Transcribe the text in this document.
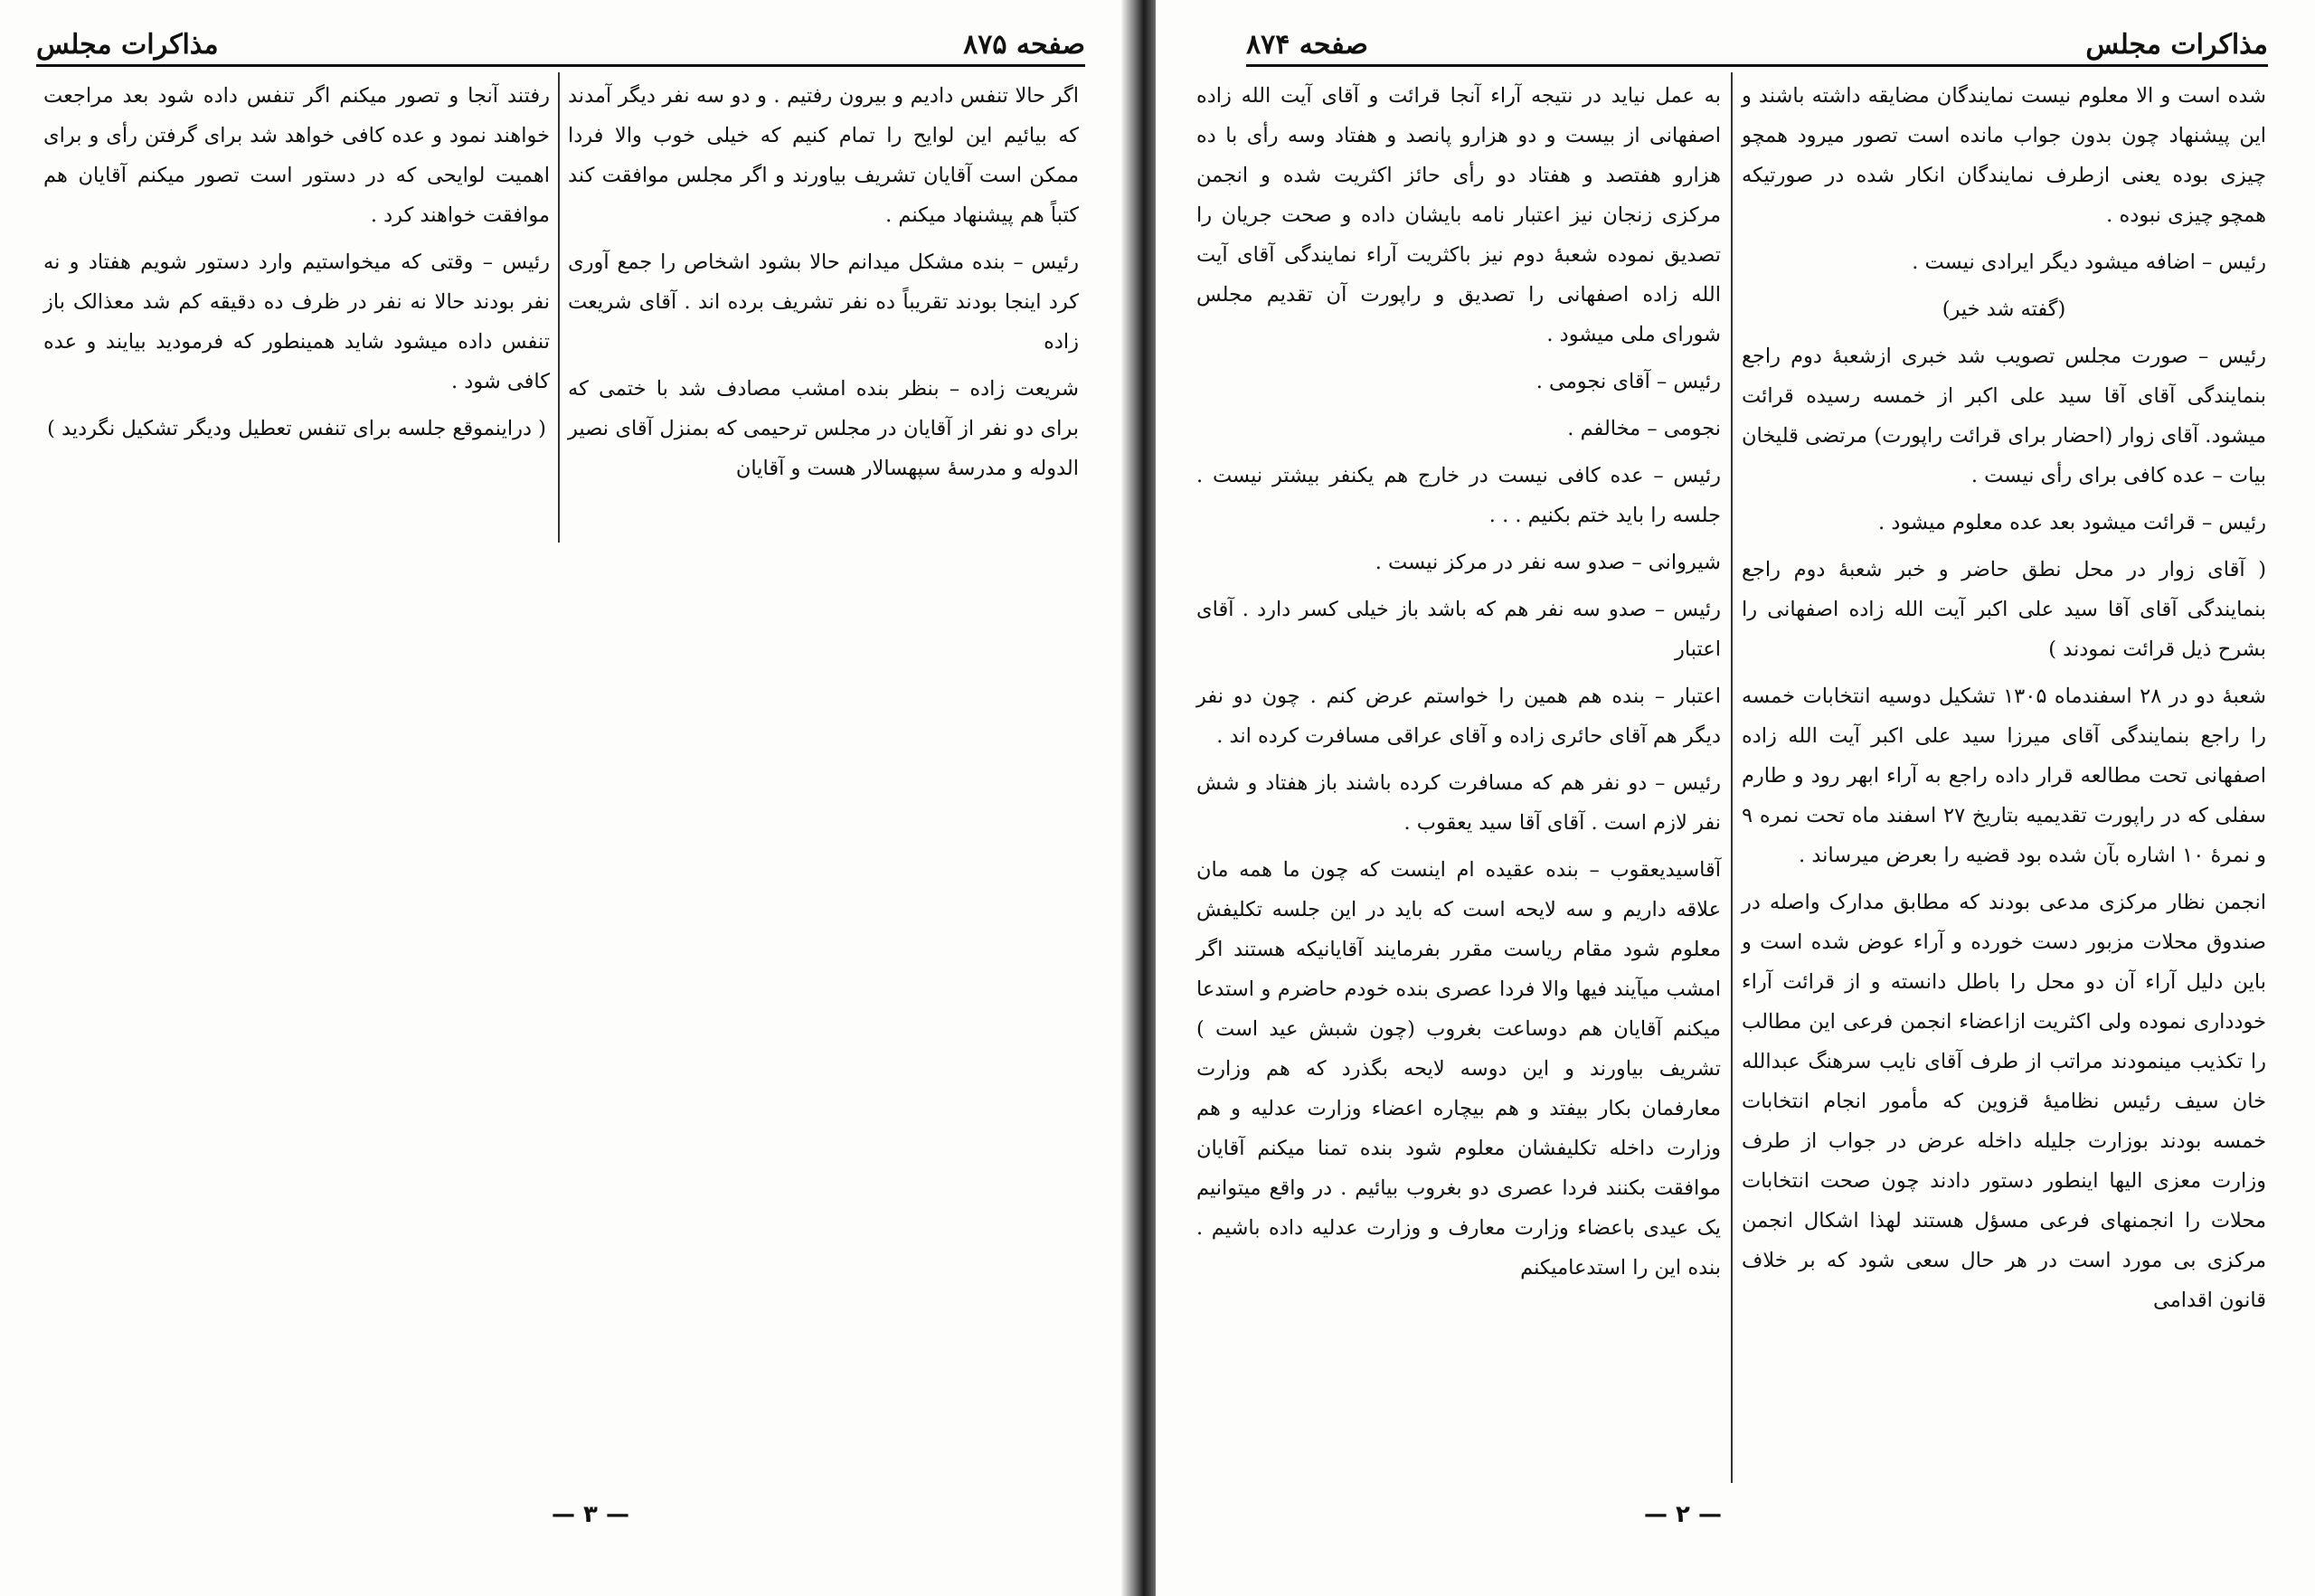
صفحه ۸۷۵
مذاکرات مجلس

اگر حالا تنفس دادیم و بیرون رفتیم . و دو سه نفر دیگر آمدند که بیائیم این لوایح را تمام کنیم که خیلی خوب والا فردا ممکن است آقایان تشریف بیاورند و اگر مجلس موافقت کند کتباً هم پیشنهاد میکنم .

رئیس – بنده مشکل میدانم حالا بشود اشخاص را جمع آوری کرد اینجا بودند تقریباً ده نفر تشریف برده اند . آقای شریعت زاده

شریعت زاده – بنظر بنده امشب مصادف شد با ختمی که برای دو نفر از آقایان در مجلس ترحیمی که بمنزل آقای نصیر الدوله و مدرسهٔ سپهسالار هست و آقایان

رفتند آنجا و تصور میکنم اگر تنفس داده شود بعد مراجعت خواهند نمود و عده کافی خواهد شد برای گرفتن رأی و برای اهمیت لوایحی که در دستور است تصور میکنم آقایان هم موافقت خواهند کرد .

رئیس – وقتی که میخواستیم وارد دستور شویم هفتاد و نه نفر بودند حالا نه نفر در ظرف ده دقیقه کم شد معذالک باز تنفس داده میشود شاید همینطور که فرمودید بیایند و عده کافی شود .

( دراینموقع جلسه برای تنفس تعطیل ودیگر تشکیل نگردید )

— ۳ —
مذاکرات مجلس
صفحه ۸۷۴

شده است و الا معلوم نیست نمایندگان مضایقه داشته باشند و این پیشنهاد چون بدون جواب مانده است تصور میرود همچو چیزی بوده یعنی ازطرف نمایندگان انکار شده در صورتیکه همچو چیزی نبوده .

رئیس – اضافه میشود دیگر ایرادی نیست .

(گفته شد خیر)

رئیس – صورت مجلس تصویب شد خبری ازشعبهٔ دوم راجع بنمایندگی آقای آقا سید علی اکبر از خمسه رسیده قرائت میشود. آقای زوار (احضار برای قرائت راپورت) مرتضی قلیخان بیات – عده کافی برای رأی نیست .

رئیس – قرائت میشود بعد عده معلوم میشود .

( آقای زوار در محل نطق حاضر و خبر شعبهٔ دوم راجع بنمایندگی آقای آقا سید علی اکبر آیت الله زاده اصفهانی را بشرح ذیل قرائت نمودند )

شعبهٔ دو در ۲۸ اسفندماه ۱۳۰۵ تشکیل دوسیه انتخابات خمسه را راجع بنمایندگی آقای میرزا سید علی اکبر آیت الله زاده اصفهانی تحت مطالعه قرار داده راجع به آراء ابهر رود و طارم سفلی که در راپورت تقدیمیه بتاریخ ۲۷ اسفند ماه تحت نمره ۹ و نمرهٔ ۱۰ اشاره بآن شده بود قضیه را بعرض میرساند .

انجمن نظار مرکزی مدعی بودند که مطابق مدارک واصله در صندوق محلات مزبور دست خورده و آراء عوض شده است و باین دلیل آراء آن دو محل را باطل دانسته و از قرائت آراء خودداری نموده ولی اکثریت ازاعضاء انجمن فرعی این مطالب را تکذیب مینمودند مراتب از طرف آقای نایب سرهنگ عبدالله خان سیف رئیس نظامیهٔ قزوین که مأمور انجام انتخابات خمسه بودند بوزارت جلیله داخله عرض در جواب از طرف وزارت معزی الیها اینطور دستور دادند چون صحت انتخابات محلات را انجمنهای فرعی مسؤل هستند لهذا اشکال انجمن مرکزی بی مورد است در هر حال سعی شود که بر خلاف قانون اقدامی

به عمل نیاید در نتیجه آراء آنجا قرائت و آقای آیت الله زاده اصفهانی از بیست و دو هزارو پانصد و هفتاد وسه رأی با ده هزارو هفتصد و هفتاد دو رأی حائز اکثریت شده و انجمن مرکزی زنجان نیز اعتبار نامه بایشان داده و صحت جریان را تصدیق نموده شعبهٔ دوم نیز باکثریت آراء نمایندگی آقای آیت الله زاده اصفهانی را تصدیق و راپورت آن تقدیم مجلس شورای ملی میشود .

رئیس – آقای نجومی .

نجومی – مخالفم .

رئیس – عده کافی نیست در خارج هم یکنفر بیشتر نیست . جلسه را باید ختم بکنیم . . .

شیروانی – صدو سه نفر در مرکز نیست .

رئیس – صدو سه نفر هم که باشد باز خیلی کسر دارد . آقای اعتبار

اعتبار – بنده هم همین را خواستم عرض کنم . چون دو نفر دیگر هم آقای حائری زاده و آقای عراقی مسافرت کرده اند .

رئیس – دو نفر هم که مسافرت کرده باشند باز هفتاد و شش نفر لازم است . آقای آقا سید یعقوب .

آقاسیدیعقوب – بنده عقیده ام اینست که چون ما همه مان علاقه داریم و سه لایحه است که باید در این جلسه تکلیفش معلوم شود مقام ریاست مقرر بفرمایند آقایانیکه هستند اگر امشب میآیند فیها والا فردا عصری بنده خودم حاضرم و استدعا میکنم آقایان هم دوساعت بغروب (چون شبش عید است ) تشریف بیاورند و این دوسه لایحه بگذرد که هم وزارت معارفمان بکار بیفتد و هم بیچاره اعضاء وزارت عدلیه و هم وزارت داخله تکلیفشان معلوم شود بنده تمنا میکنم آقایان موافقت بکنند فردا عصری دو بغروب بیائیم . در واقع میتوانیم یک عیدی باعضاء وزارت معارف و وزارت عدلیه داده باشیم . بنده این را استدعامیکنم

— ۲ —
